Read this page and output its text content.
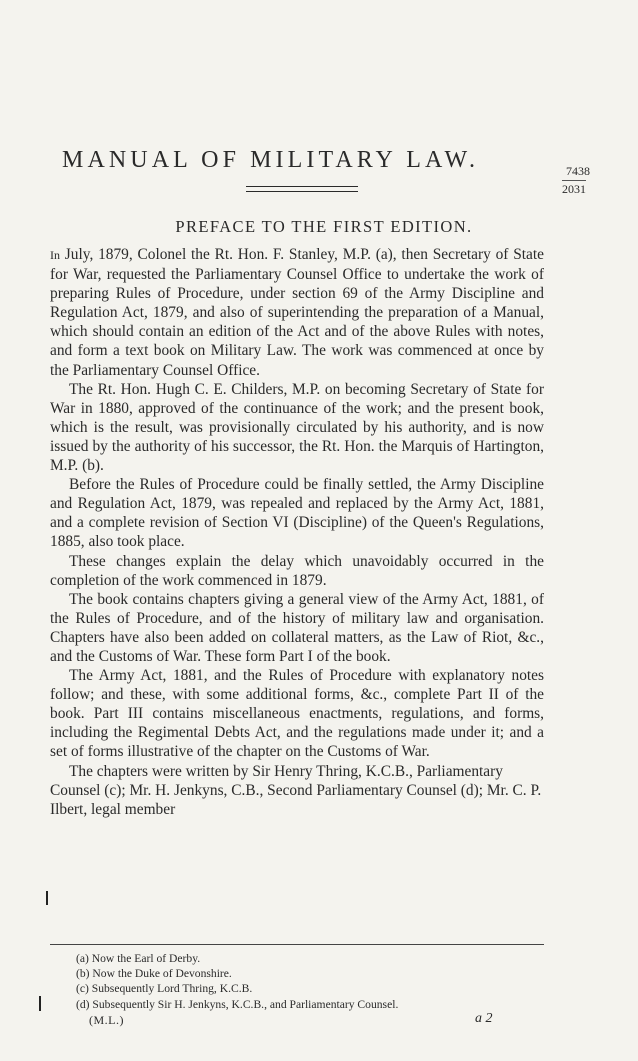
MANUAL OF MILITARY LAW.	7438
2031
PREFACE TO THE FIRST EDITION.

In July, 1879, Colonel the Rt. Hon. F. Stanley, M.P. (a), then Secretary of State for War, requested the Parliamentary Counsel Office to undertake the work of preparing Rules of Procedure, under section 69 of the Army Discipline and Regulation Act, 1879, and also of superintending the preparation of a Manual, which should contain an edition of the Act and of the above Rules with notes, and form a text book on Military Law. The work was commenced at once by the Parliamentary Counsel Office.

The Rt. Hon. Hugh C. E. Childers, M.P. on becoming Secretary of State for War in 1880, approved of the continuance of the work; and the present book, which is the result, was provisionally circulated by his authority, and is now issued by the authority of his successor, the Rt. Hon. the Marquis of Hartington, M.P. (b).

Before the Rules of Procedure could be finally settled, the Army Discipline and Regulation Act, 1879, was repealed and replaced by the Army Act, 1881, and a complete revision of Section VI (Discipline) of the Queen's Regulations, 1885, also took place.

These changes explain the delay which unavoidably occurred in the completion of the work commenced in 1879.

The book contains chapters giving a general view of the Army Act, 1881, of the Rules of Procedure, and of the history of military law and organisation. Chapters have also been added on collateral matters, as the Law of Riot, &c., and the Customs of War. These form Part I of the book.

The Army Act, 1881, and the Rules of Procedure with explanatory notes follow; and these, with some additional forms, &c., complete Part II of the book. Part III contains miscellaneous enactments, regulations, and forms, including the Regimental Debts Act, and the regulations made under it; and a set of forms illustrative of the chapter on the Customs of War.

The chapters were written by Sir Henry Thring, K.C.B., Parliamentary Counsel (c); Mr. H. Jenkyns, C.B., Second Parliamentary Counsel (d); Mr. C. P. Ilbert, legal member

(a) Now the Earl of Derby.
(b) Now the Duke of Devonshire.
(c) Subsequently Lord Thring, K.C.B.
(d) Subsequently Sir H. Jenkyns, K.C.B., and Parliamentary Counsel.
(M.L.)	a 2
